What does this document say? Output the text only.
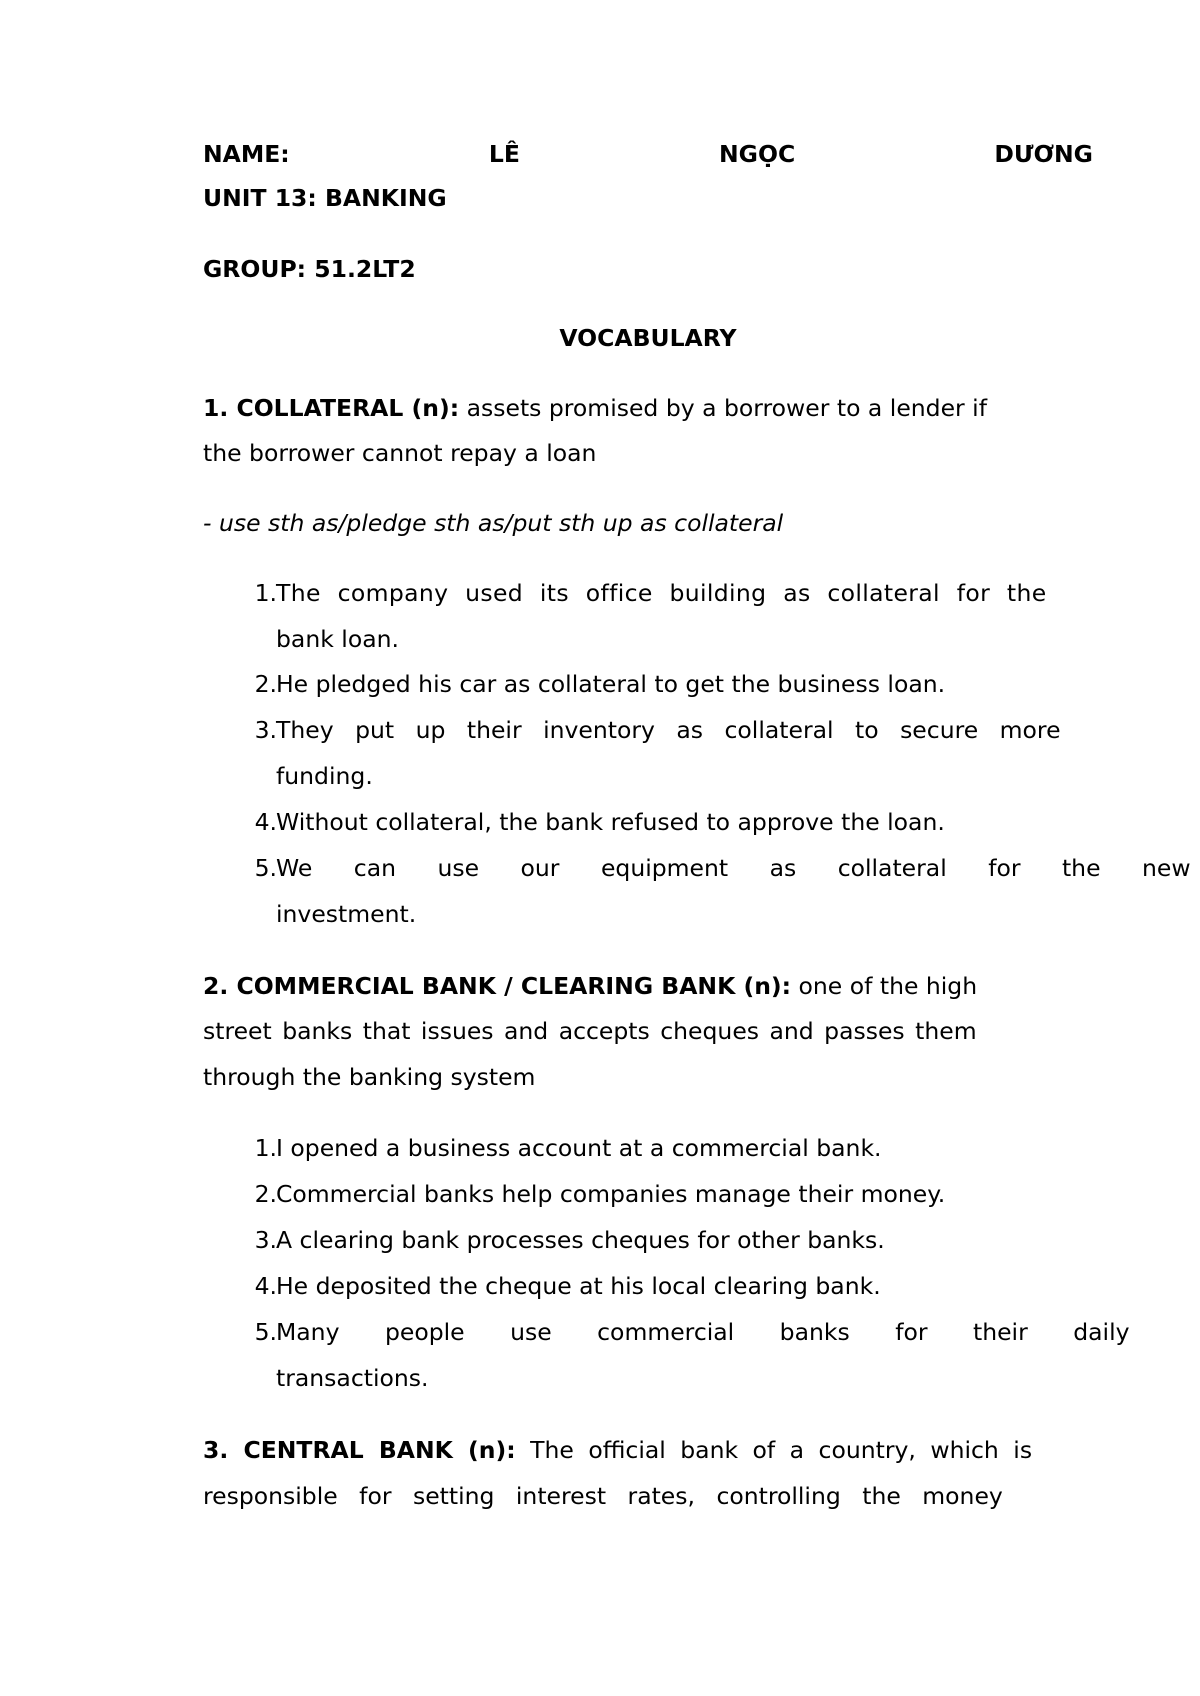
NAME:	LÊ	NGỌC	DƯƠNG
UNIT 13: BANKING
GROUP: 51.2LT2
VOCABULARY
1. COLLATERAL (n): assets promised by a borrower to a lender if
the borrower cannot repay a loan
- use sth as/pledge sth as/put sth up as collateral
1. The company used its office building as collateral for the
bank loan.
2. He pledged his car as collateral to get the business loan.
3. They put up their inventory as collateral to secure more
funding.
4. Without collateral, the bank refused to approve the loan.
5. We can use our equipment as collateral for the new
investment.
2. COMMERCIAL BANK / CLEARING BANK (n): one of the high
street banks that issues and accepts cheques and passes them
through the banking system
1. I opened a business account at a commercial bank.
2. Commercial banks help companies manage their money.
3. A clearing bank processes cheques for other banks.
4. He deposited the cheque at his local clearing bank.
5. Many people use commercial banks for their daily
transactions.
3. CENTRAL BANK (n): The official bank of a country, which is
responsible for setting interest rates, controlling the money
